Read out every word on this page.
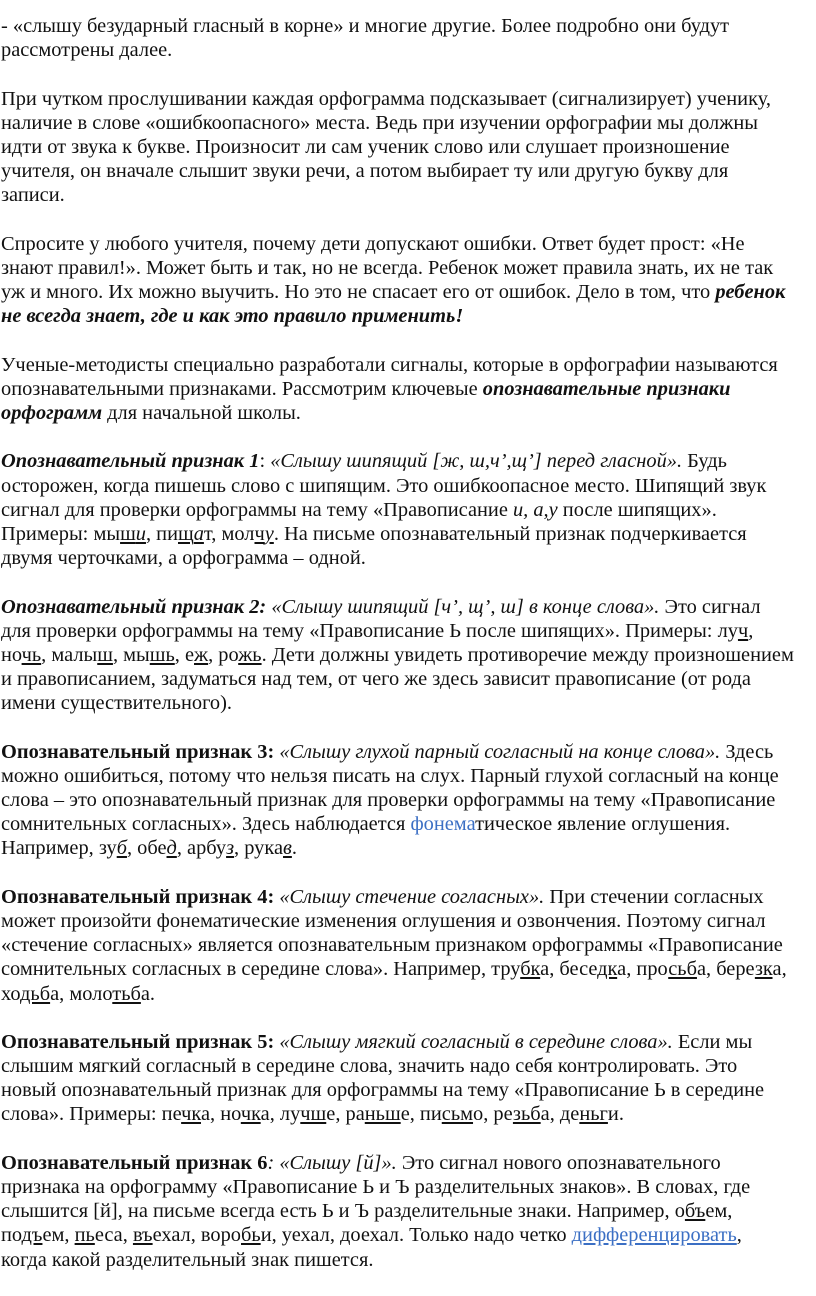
- «слышу безударный гласный в корне» и многие другие. Более подробно они будут
рассмотрены далее.
При чутком прослушивании каждая орфограмма подсказывает (сигнализирует) ученику,
наличие в слове «ошибкоопасного» места. Ведь при изучении орфографии мы должны
идти от звука к букве. Произносит ли сам ученик слово или слушает произношение
учителя, он вначале слышит звуки речи, а потом выбирает ту или другую букву для
записи.
Спросите у любого учителя, почему дети допускают ошибки. Ответ будет прост: «Не
знают правил!». Может быть и так, но не всегда. Ребенок может правила знать, их не так
уж и много. Их можно выучить. Но это не спасает его от ошибок. Дело в том, что ребенок
не всегда знает, где и как это правило применить!
Ученые-методисты специально разработали сигналы, которые в орфографии называются
опознавательными признаками. Рассмотрим ключевые опознавательные признаки
орфограмм для начальной школы.
Опознавательный признак 1: «Слышу шипящий [ж, ш,ч’,щ’] перед гласной». Будь
осторожен, когда пишешь слово с шипящим. Это ошибкоопасное место. Шипящий звук
сигнал для проверки орфограммы на тему «Правописание и, а,у после шипящих».
Примеры: мыши, пищат, молчу. На письме опознавательный признак подчеркивается
двумя черточками, а орфограмма – одной.
Опознавательный признак 2: «Слышу шипящий [ч’, щ’, ш] в конце слова». Это сигнал
для проверки орфограммы на тему «Правописание Ь после шипящих». Примеры: луч,
ночь, малыш, мышь, еж, рожь. Дети должны увидеть противоречие между произношением
и правописанием, задуматься над тем, от чего же здесь зависит правописание (от рода
имени существительного).
Опознавательный признак 3: «Слышу глухой парный согласный на конце слова». Здесь
можно ошибиться, потому что нельзя писать на слух. Парный глухой согласный на конце
слова – это опознавательный признак для проверки орфограммы на тему «Правописание
сомнительных согласных». Здесь наблюдается фонематическое явление оглушения.
Например, зуб, обед, арбуз, рукав.
Опознавательный признак 4: «Слышу стечение согласных». При стечении согласных
может произойти фонематические изменения оглушения и озвончения. Поэтому сигнал
«стечение согласных» является опознавательным признаком орфограммы «Правописание
сомнительных согласных в середине слова». Например, трубка, беседка, просьба, березка,
ходьба, молотьба.
Опознавательный признак 5: «Слышу мягкий согласный в середине слова». Если мы
слышим мягкий согласный в середине слова, значить надо себя контролировать. Это
новый опознавательный признак для орфограммы на тему «Правописание Ь в середине
слова». Примеры: печка, ночка, лучше, раньше, письмо, резьба, деньги.
Опознавательный признак 6: «Слышу [й]». Это сигнал нового опознавательного
признака на орфограмму «Правописание Ь и Ъ разделительных знаков». В словах, где
слышится [й], на письме всегда есть Ь и Ъ разделительные знаки. Например, объем,
подъем, пьеса, въехал, воробьи, уехал, доехал. Только надо четко дифференцировать,
когда какой разделительный знак пишется.
